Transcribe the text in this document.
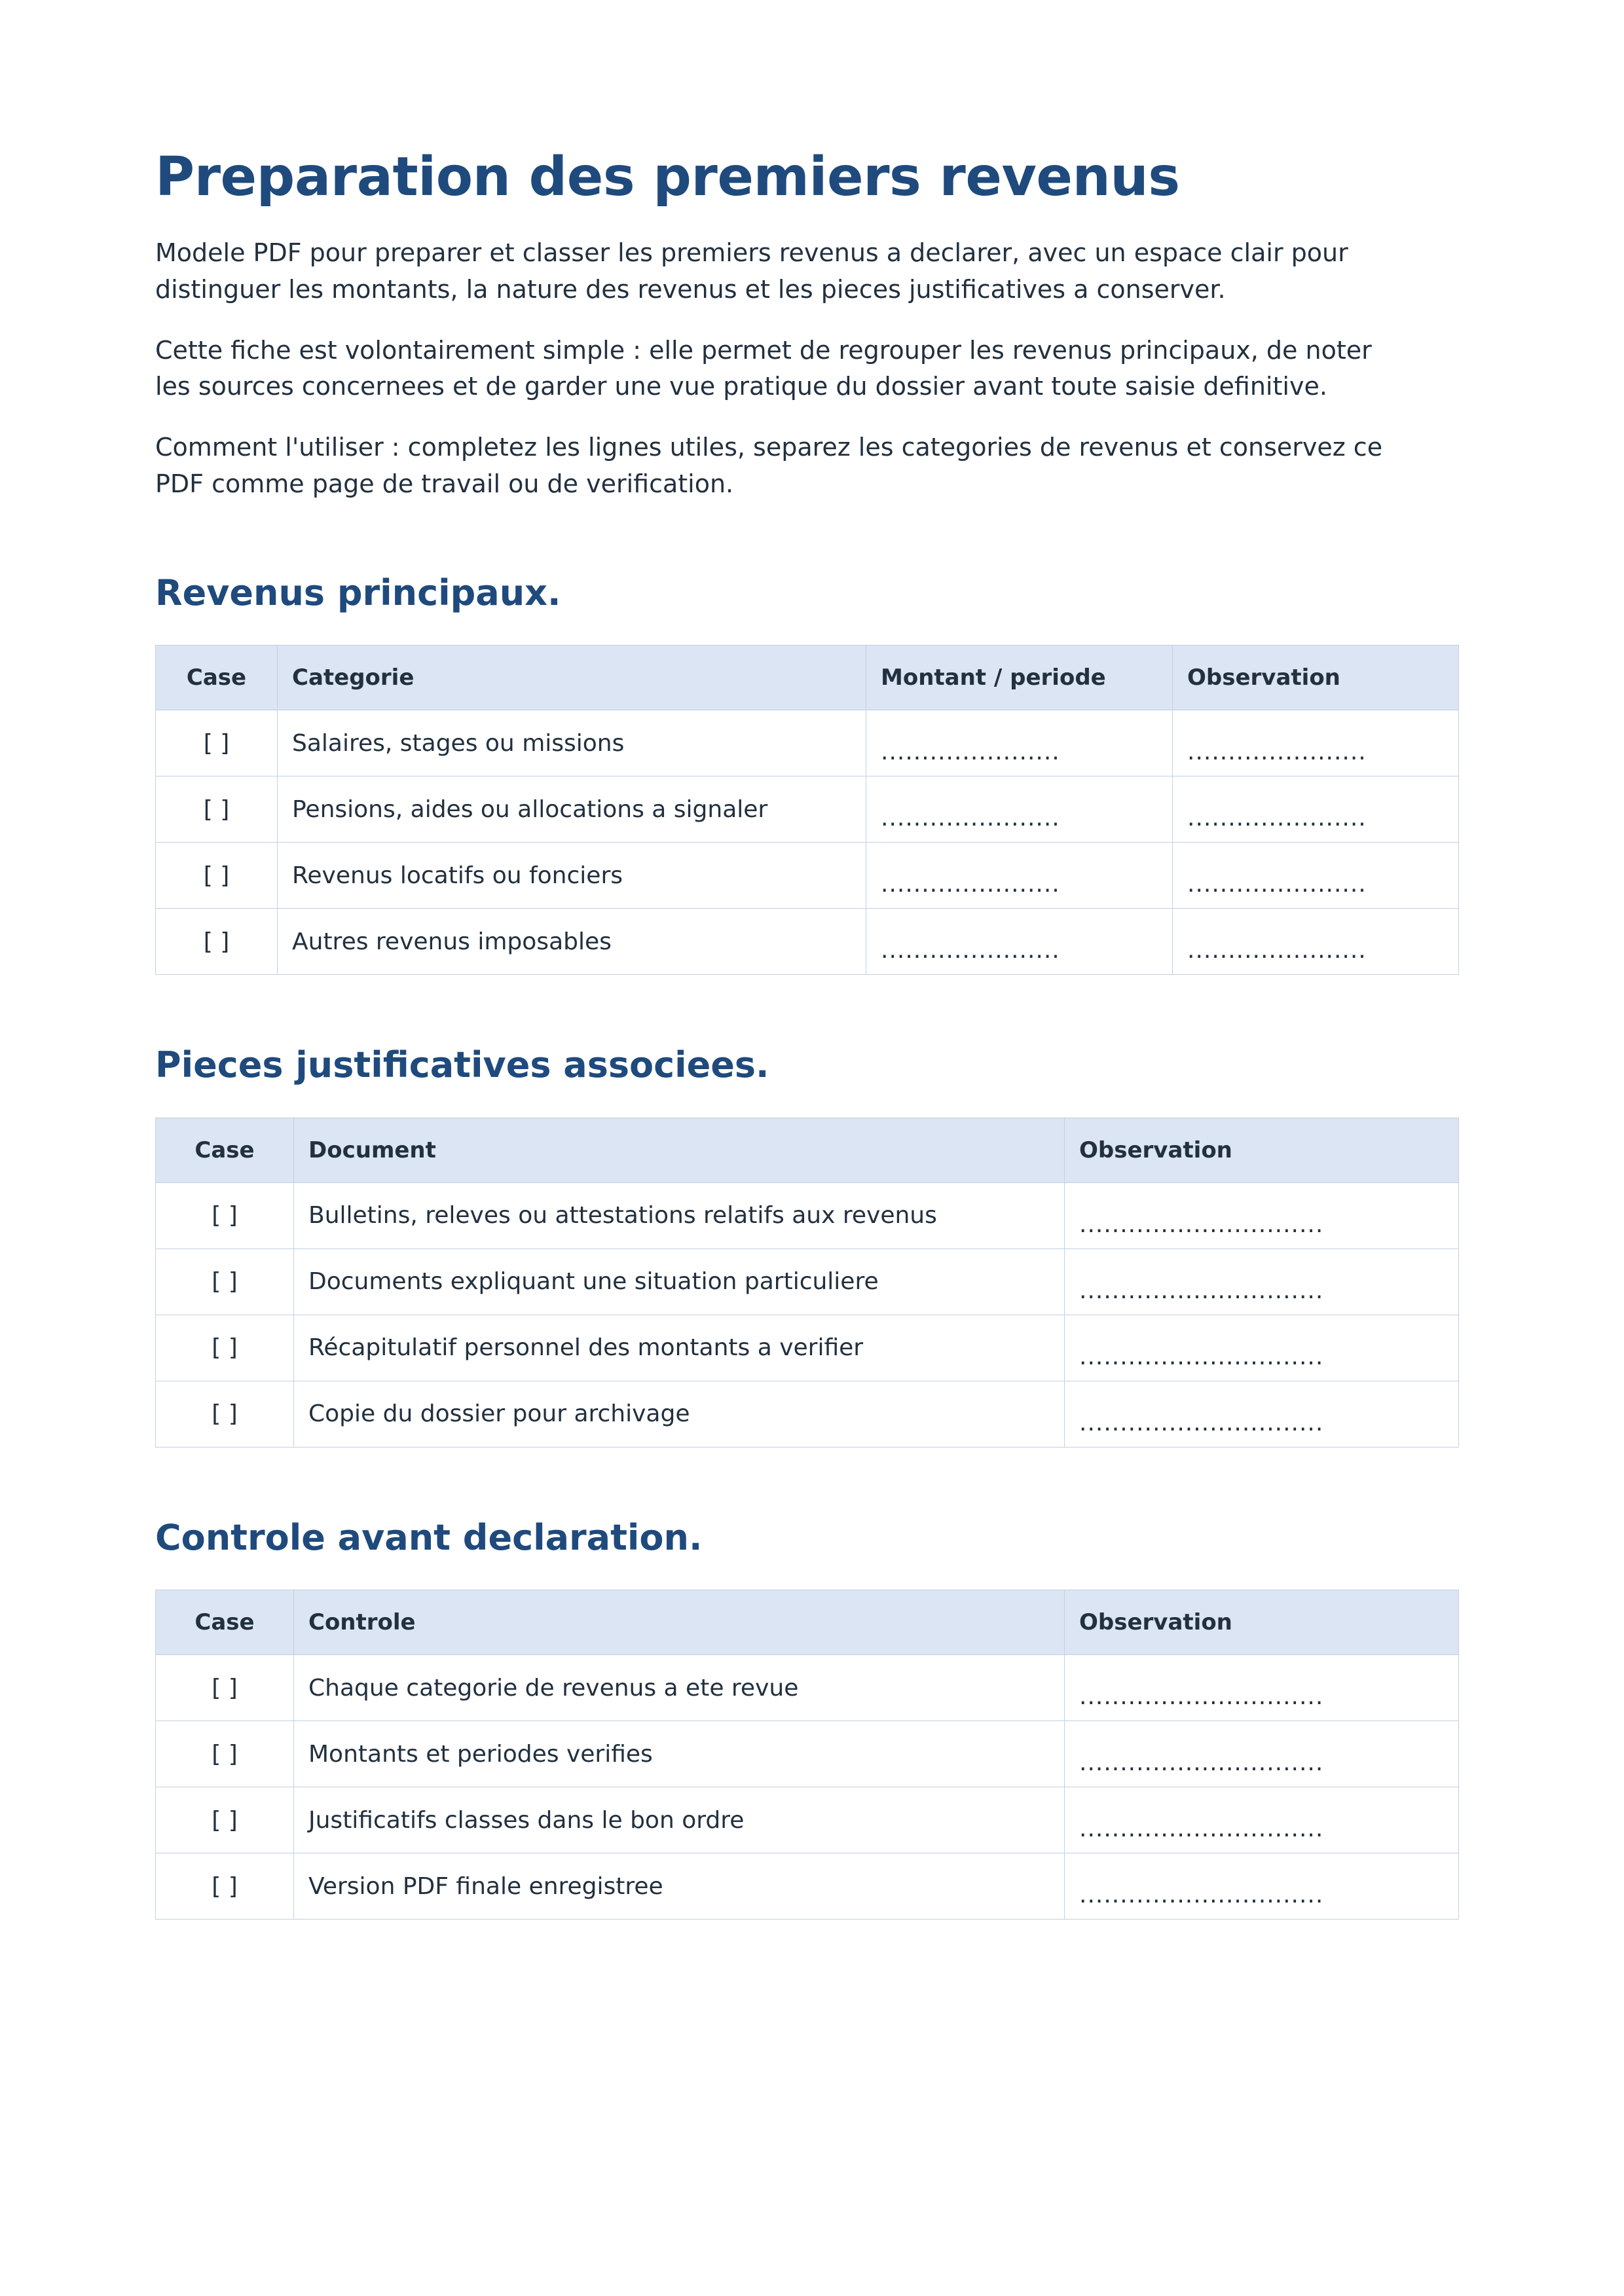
Preparation des premiers revenus

Modele PDF pour preparer et classer les premiers revenus a declarer, avec un espace clair pour distinguer les montants, la nature des revenus et les pieces justificatives a conserver.

Cette fiche est volontairement simple : elle permet de regrouper les revenus principaux, de noter les sources concernees et de garder une vue pratique du dossier avant toute saisie definitive.

Comment l'utiliser : completez les lignes utiles, separez les categories de revenus et conservez ce PDF comme page de travail ou de verification.

Revenus principaux.
Case	Categorie	Montant / periode	Observation
[ ]	Salaires, stages ou missions	......................	......................

[ ]	Pensions, aides ou allocations a signaler	......................	......................

[ ]	Revenus locatifs ou fonciers	......................	......................

[ ]	Autres revenus imposables	......................	......................
Pieces justificatives associees.
Case	Document	Observation
[ ]	Bulletins, releves ou attestations relatifs aux revenus	..............................

[ ]	Documents expliquant une situation particuliere	..............................

[ ]	Récapitulatif personnel des montants a verifier	..............................

[ ]	Copie du dossier pour archivage	..............................
Controle avant declaration.
Case	Controle	Observation
[ ]	Chaque categorie de revenus a ete revue	..............................

[ ]	Montants et periodes verifies	..............................

[ ]	Justificatifs classes dans le bon ordre	..............................

[ ]	Version PDF finale enregistree	..............................
